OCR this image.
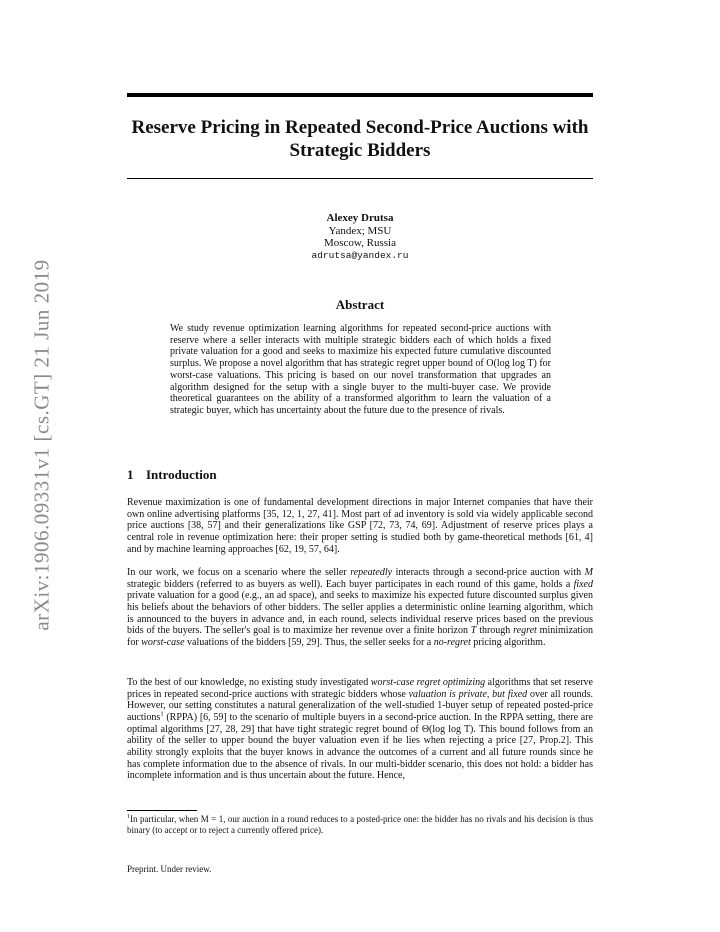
arXiv:1906.09331v1 [cs.GT] 21 Jun 2019
Reserve Pricing in Repeated Second-Price Auctions with Strategic Bidders
Alexey Drutsa
Yandex; MSU
Moscow, Russia
adrutsa@yandex.ru
Abstract
We study revenue optimization learning algorithms for repeated second-price auctions with reserve where a seller interacts with multiple strategic bidders each of which holds a fixed private valuation for a good and seeks to maximize his expected future cumulative discounted surplus. We propose a novel algorithm that has strategic regret upper bound of O(log log T) for worst-case valuations. This pricing is based on our novel transformation that upgrades an algorithm designed for the setup with a single buyer to the multi-buyer case. We provide theoretical guarantees on the ability of a transformed algorithm to learn the valuation of a strategic buyer, which has uncertainty about the future due to the presence of rivals.
1 Introduction

Revenue maximization is one of fundamental development directions in major Internet companies that have their own online advertising platforms [35, 12, 1, 27, 41]. Most part of ad inventory is sold via widely applicable second price auctions [38, 57] and their generalizations like GSP [72, 73, 74, 69]. Adjustment of reserve prices plays a central role in revenue optimization here: their proper setting is studied both by game-theoretical methods [61, 4] and by machine learning approaches [62, 19, 57, 64].

In our work, we focus on a scenario where the seller repeatedly interacts through a second-price auction with M strategic bidders (referred to as buyers as well). Each buyer participates in each round of this game, holds a fixed private valuation for a good (e.g., an ad space), and seeks to maximize his expected future discounted surplus given his beliefs about the behaviors of other bidders. The seller applies a deterministic online learning algorithm, which is announced to the buyers in advance and, in each round, selects individual reserve prices based on the previous bids of the buyers. The seller's goal is to maximize her revenue over a finite horizon T through regret minimization for worst-case valuations of the bidders [59, 29]. Thus, the seller seeks for a no-regret pricing algorithm.

To the best of our knowledge, no existing study investigated worst-case regret optimizing algorithms that set reserve prices in repeated second-price auctions with strategic bidders whose valuation is private, but fixed over all rounds. However, our setting constitutes a natural generalization of the well-studied 1-buyer setup of repeated posted-price auctions$^1$ (RPPA) [6, 59] to the scenario of multiple buyers in a second-price auction. In the RPPA setting, there are optimal algorithms [27, 28, 29] that have tight strategic regret bound of Θ(log log T). This bound follows from an ability of the seller to upper bound the buyer valuation even if he lies when rejecting a price [27, Prop.2]. This ability strongly exploits that the buyer knows in advance the outcomes of a current and all future rounds since he has complete information due to the absence of rivals. In our multi-bidder scenario, this does not hold: a bidder has incomplete information and is thus uncertain about the future. Hence,

$^1$In particular, when M = 1, our auction in a round reduces to a posted-price one: the bidder has no rivals and his decision is thus binary (to accept or to reject a currently offered price).
Preprint. Under review.
